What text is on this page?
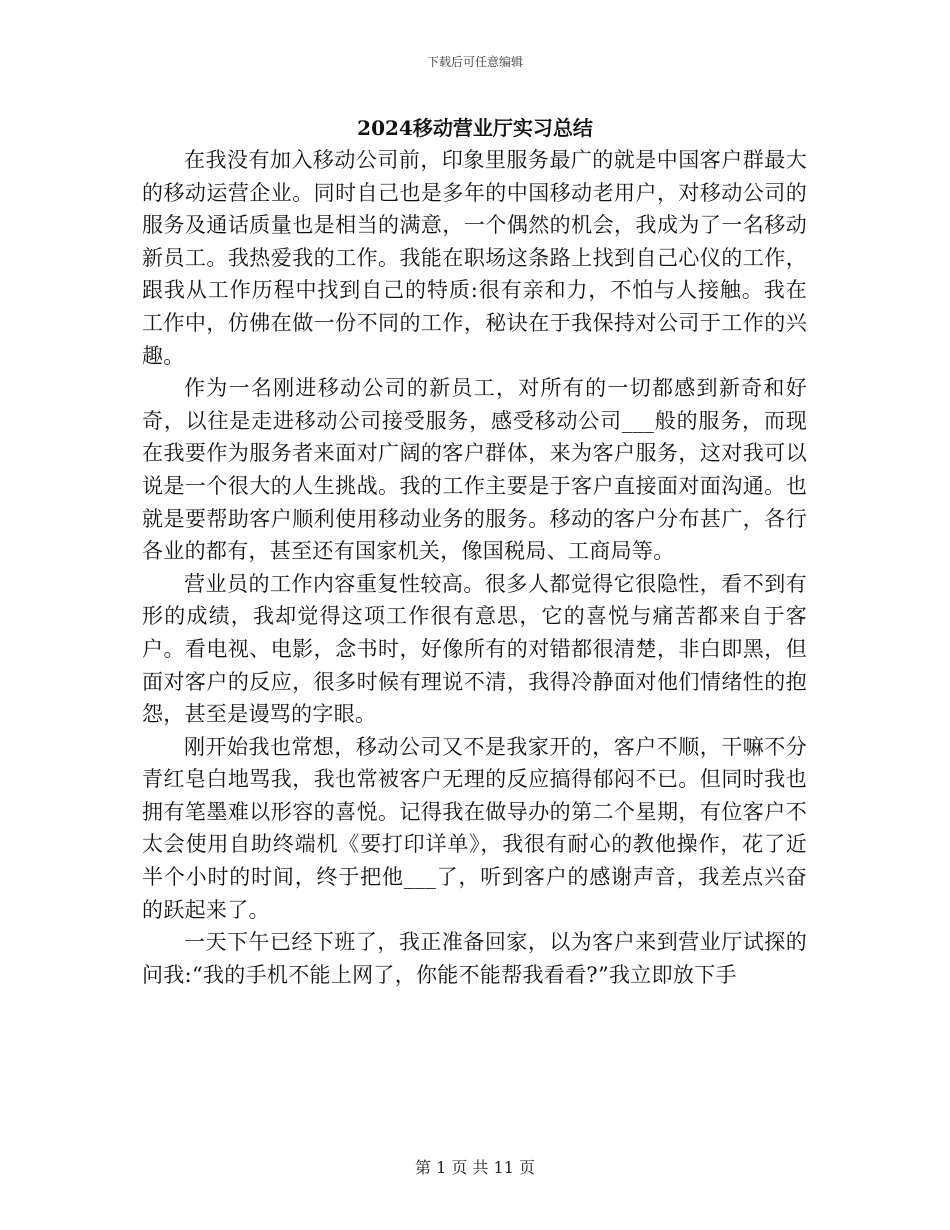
下载后可任意编辑
2024移动营业厅实习总结

在我没有加入移动公司前，印象里服务最广的就是中国客户群最大的移动运营企业。同时自己也是多年的中国移动老用户，对移动公司的服务及通话质量也是相当的满意，一个偶然的机会，我成为了一名移动新员工。我热爱我的工作。我能在职场这条路上找到自己心仪的工作，跟我从工作历程中找到自己的特质:很有亲和力，不怕与人接触。我在工作中，仿佛在做一份不同的工作，秘诀在于我保持对公司于工作的兴趣。

作为一名刚进移动公司的新员工，对所有的一切都感到新奇和好奇，以往是走进移动公司接受服务，感受移动公司___般的服务，而现在我要作为服务者来面对广阔的客户群体，来为客户服务，这对我可以说是一个很大的人生挑战。我的工作主要是于客户直接面对面沟通。也就是要帮助客户顺利使用移动业务的服务。移动的客户分布甚广，各行各业的都有，甚至还有国家机关，像国税局、工商局等。

营业员的工作内容重复性较高。很多人都觉得它很隐性，看不到有形的成绩，我却觉得这项工作很有意思，它的喜悦与痛苦都来自于客户。看电视、电影，念书时，好像所有的对错都很清楚，非白即黑，但面对客户的反应，很多时候有理说不清，我得冷静面对他们情绪性的抱怨，甚至是谩骂的字眼。

刚开始我也常想，移动公司又不是我家开的，客户不顺，干嘛不分青红皂白地骂我，我也常被客户无理的反应搞得郁闷不已。但同时我也拥有笔墨难以形容的喜悦。记得我在做导办的第二个星期，有位客户不太会使用自助终端机《要打印详单》，我很有耐心的教他操作，花了近半个小时的时间，终于把他___了，听到客户的感谢声音，我差点兴奋的跃起来了。

一天下午已经下班了，我正准备回家，以为客户来到营业厅试探的问我:“我的手机不能上网了，你能不能帮我看看?”我立即放下手

第 1 页 共 11 页
